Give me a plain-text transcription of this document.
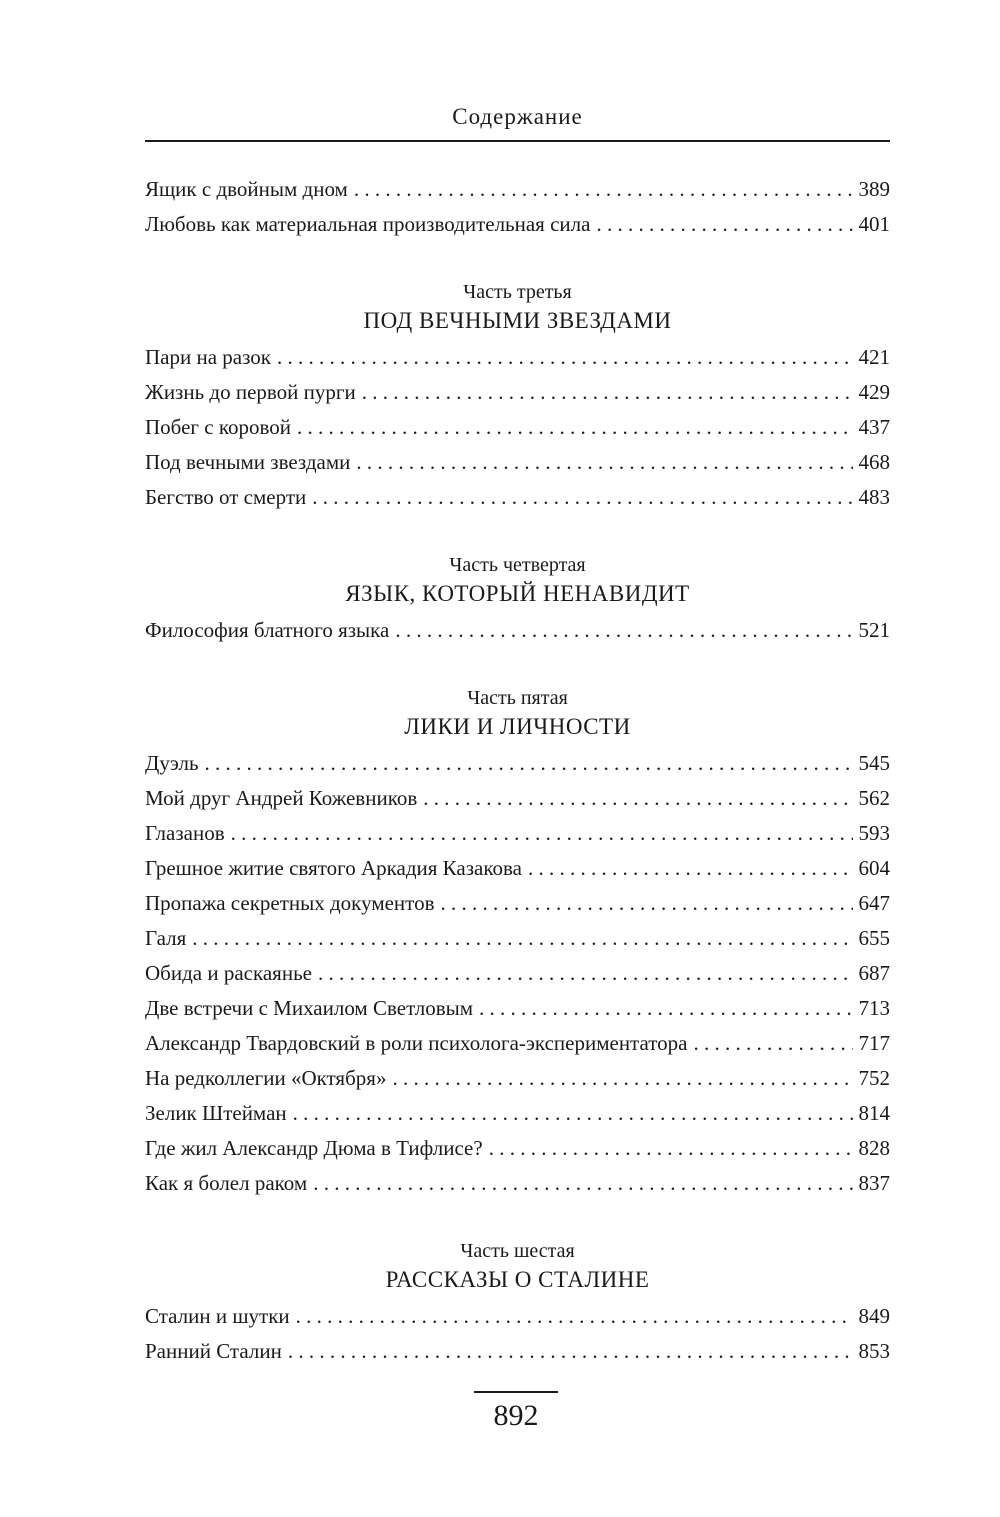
Содержание
Ящик с двойным дном . . .	389
Любовь как материальная производительная сила . . .	401
Часть третья
ПОД ВЕЧНЫМИ ЗВЕЗДАМИ
Пари на разок . . .	421
Жизнь до первой пурги . . .	429
Побег с коровой . . .	437
Под вечными звездами . . .	468
Бегство от смерти . . .	483
Часть четвертая
ЯЗЫК, КОТОРЫЙ НЕНАВИДИТ
Философия блатного языка . . .	521
Часть пятая
ЛИКИ И ЛИЧНОСТИ
Дуэль . . .	545
Мой друг Андрей Кожевников . . .	562
Глазанов . . .	593
Грешное житие святого Аркадия Казакова . . .	604
Пропажа секретных документов . . .	647
Галя . . .	655
Обида и раскаянье . . .	687
Две встречи с Михаилом Светловым . . .	713
Александр Твардовский в роли психолога-экспериментатора . . .	717
На редколлегии «Октября» . . .	752
Зелик Штейман . . .	814
Где жил Александр Дюма в Тифлисе? . . .	828
Как я болел раком . . .	837
Часть шестая
РАССКАЗЫ О СТАЛИНЕ
Сталин и шутки . . .	849
Ранний Сталин . . .	853
892
